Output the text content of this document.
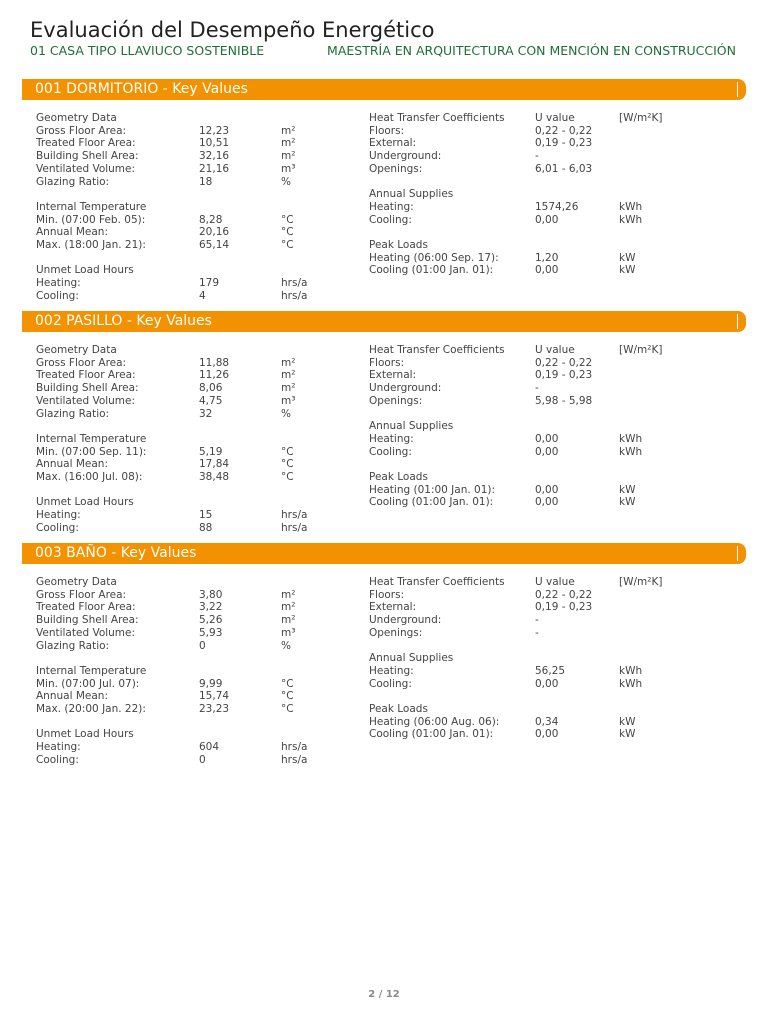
Evaluación del Desempeño Energético
01 CASA TIPO LLAVIUCO SOSTENIBLE	MAESTRÍA EN ARQUITECTURA CON MENCIÓN EN CONSTRUCCIÓN
001 DORMITORIO - Key Values
Geometry Data
Gross Floor Area:	12,23	m²
Treated Floor Area:	10,51	m²
Building Shell Area:	32,16	m²
Ventilated Volume:	21,16	m³
Glazing Ratio:	18	%
Internal Temperature
Min. (07:00 Feb. 05):	8,28	°C
Annual Mean:	20,16	°C
Max. (18:00 Jan. 21):	65,14	°C
Unmet Load Hours
Heating:	179	hrs/a
Cooling:	4	hrs/a
Heat Transfer Coefficients	U value	[W/m²K]
Floors:	0,22 - 0,22
External:	0,19 - 0,23
Underground:	-
Openings:	6,01 - 6,03
Annual Supplies
Heating:	1574,26	kWh
Cooling:	0,00	kWh
Peak Loads
Heating (06:00 Sep. 17):	1,20	kW
Cooling (01:00 Jan. 01):	0,00	kW
002 PASILLO - Key Values
Geometry Data
Gross Floor Area:	11,88	m²
Treated Floor Area:	11,26	m²
Building Shell Area:	8,06	m²
Ventilated Volume:	4,75	m³
Glazing Ratio:	32	%
Internal Temperature
Min. (07:00 Sep. 11):	5,19	°C
Annual Mean:	17,84	°C
Max. (16:00 Jul. 08):	38,48	°C
Unmet Load Hours
Heating:	15	hrs/a
Cooling:	88	hrs/a
Heat Transfer Coefficients	U value	[W/m²K]
Floors:	0,22 - 0,22
External:	0,19 - 0,23
Underground:	-
Openings:	5,98 - 5,98
Annual Supplies
Heating:	0,00	kWh
Cooling:	0,00	kWh
Peak Loads
Heating (01:00 Jan. 01):	0,00	kW
Cooling (01:00 Jan. 01):	0,00	kW
003 BAÑO - Key Values
Geometry Data
Gross Floor Area:	3,80	m²
Treated Floor Area:	3,22	m²
Building Shell Area:	5,26	m²
Ventilated Volume:	5,93	m³
Glazing Ratio:	0	%
Internal Temperature
Min. (07:00 Jul. 07):	9,99	°C
Annual Mean:	15,74	°C
Max. (20:00 Jan. 22):	23,23	°C
Unmet Load Hours
Heating:	604	hrs/a
Cooling:	0	hrs/a
Heat Transfer Coefficients	U value	[W/m²K]
Floors:	0,22 - 0,22
External:	0,19 - 0,23
Underground:	-
Openings:	-
Annual Supplies
Heating:	56,25	kWh
Cooling:	0,00	kWh
Peak Loads
Heating (06:00 Aug. 06):	0,34	kW
Cooling (01:00 Jan. 01):	0,00	kW
2 / 12
